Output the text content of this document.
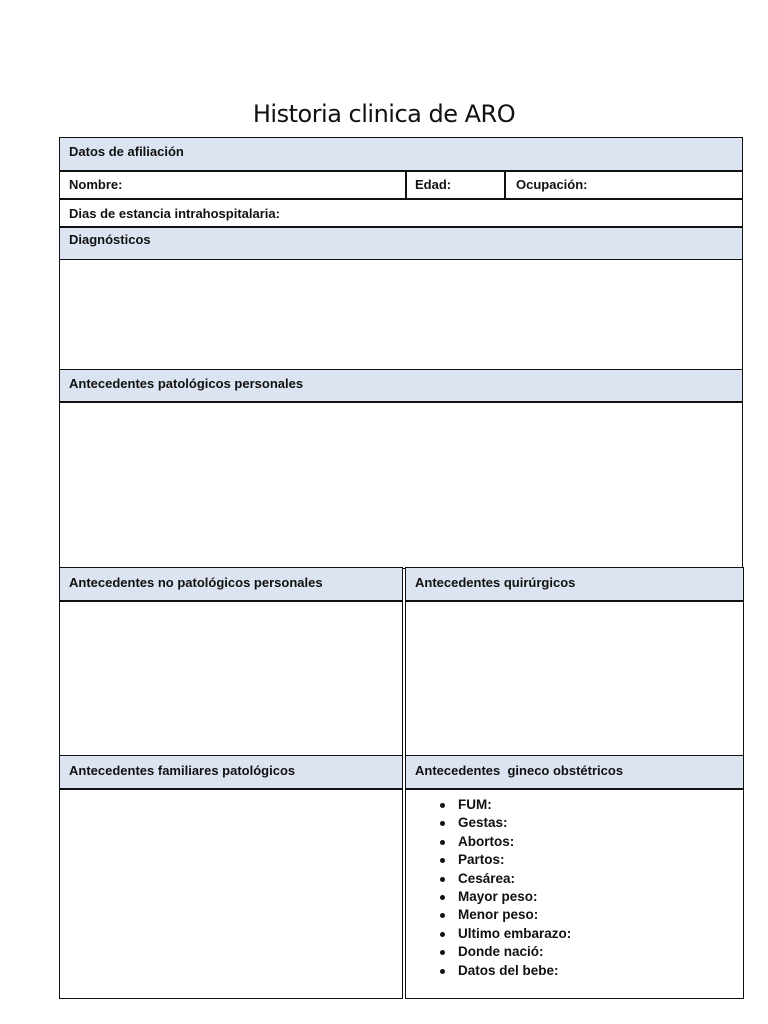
Historia clinica de ARO
Datos de afiliación
Nombre:	Edad:	Ocupación:
Dias de estancia intrahospitalaria:
Diagnósticos
Antecedentes patológicos personales
Antecedentes no patológicos personales	Antecedentes quirúrgicos
Antecedentes familiares patológicos	Antecedentes  gineco obstétricos
FUM:
Gestas:
Abortos:
Partos:
Cesárea:
Mayor peso:
Menor peso:
Ultimo embarazo:
Donde nació:
Datos del bebe:
